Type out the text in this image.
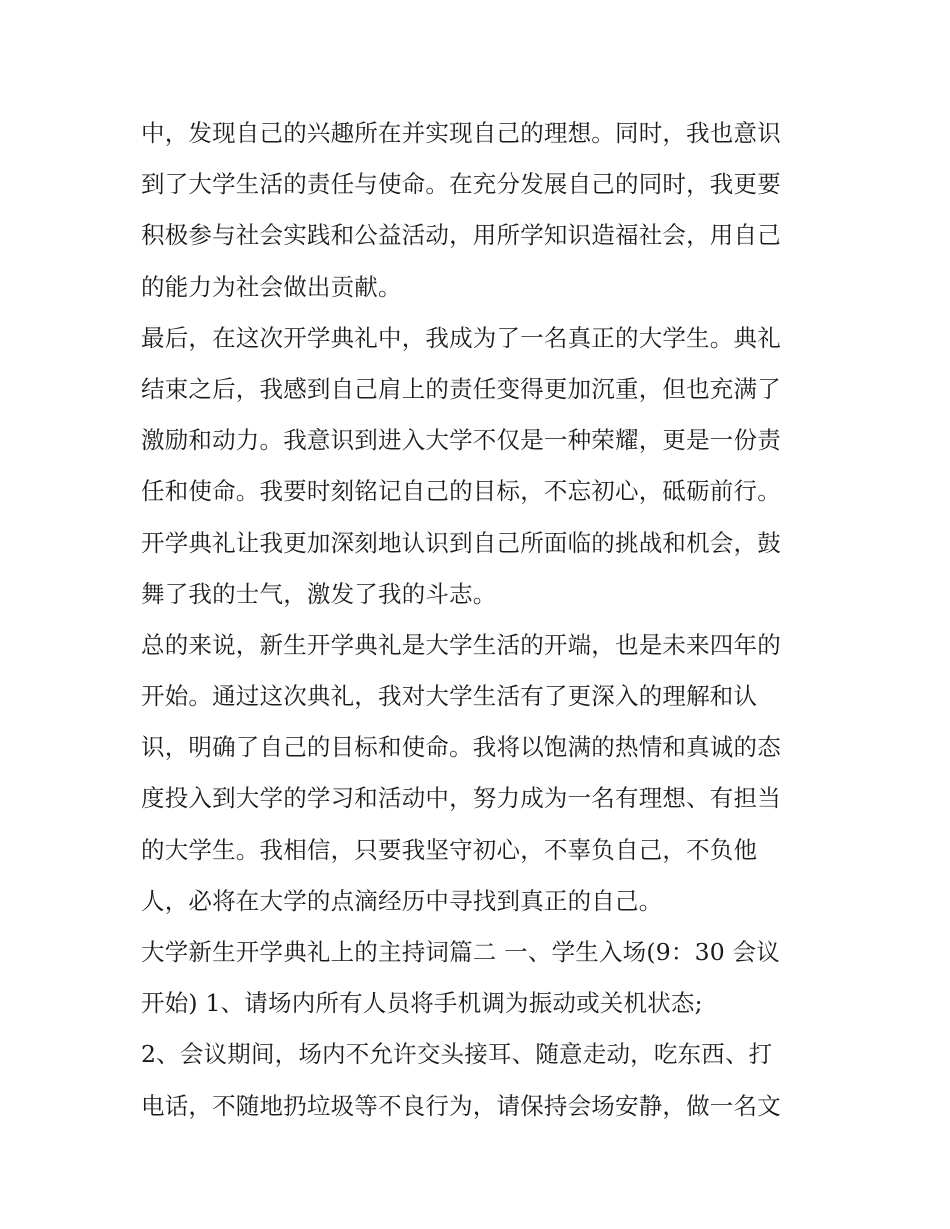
中，发现自己的兴趣所在并实现自己的理想。同时，我也意识
到了大学生活的责任与使命。在充分发展自己的同时，我更要
积极参与社会实践和公益活动，用所学知识造福社会，用自己
的能力为社会做出贡献。
最后，在这次开学典礼中，我成为了一名真正的大学生。典礼
结束之后，我感到自己肩上的责任变得更加沉重，但也充满了
激励和动力。我意识到进入大学不仅是一种荣耀，更是一份责
任和使命。我要时刻铭记自己的目标，不忘初心，砥砺前行。
开学典礼让我更加深刻地认识到自己所面临的挑战和机会，鼓
舞了我的士气，激发了我的斗志。
总的来说，新生开学典礼是大学生活的开端，也是未来四年的
开始。通过这次典礼，我对大学生活有了更深入的理解和认
识，明确了自己的目标和使命。我将以饱满的热情和真诚的态
度投入到大学的学习和活动中，努力成为一名有理想、有担当
的大学生。我相信，只要我坚守初心，不辜负自己，不负他
人，必将在大学的点滴经历中寻找到真正的自己。
大学新生开学典礼上的主持词篇二 一、学生入场(9：30 会议
开始) 1、请场内所有人员将手机调为振动或关机状态;
2、会议期间，场内不允许交头接耳、随意走动，吃东西、打
电话，不随地扔垃圾等不良行为，请保持会场安静，做一名文
